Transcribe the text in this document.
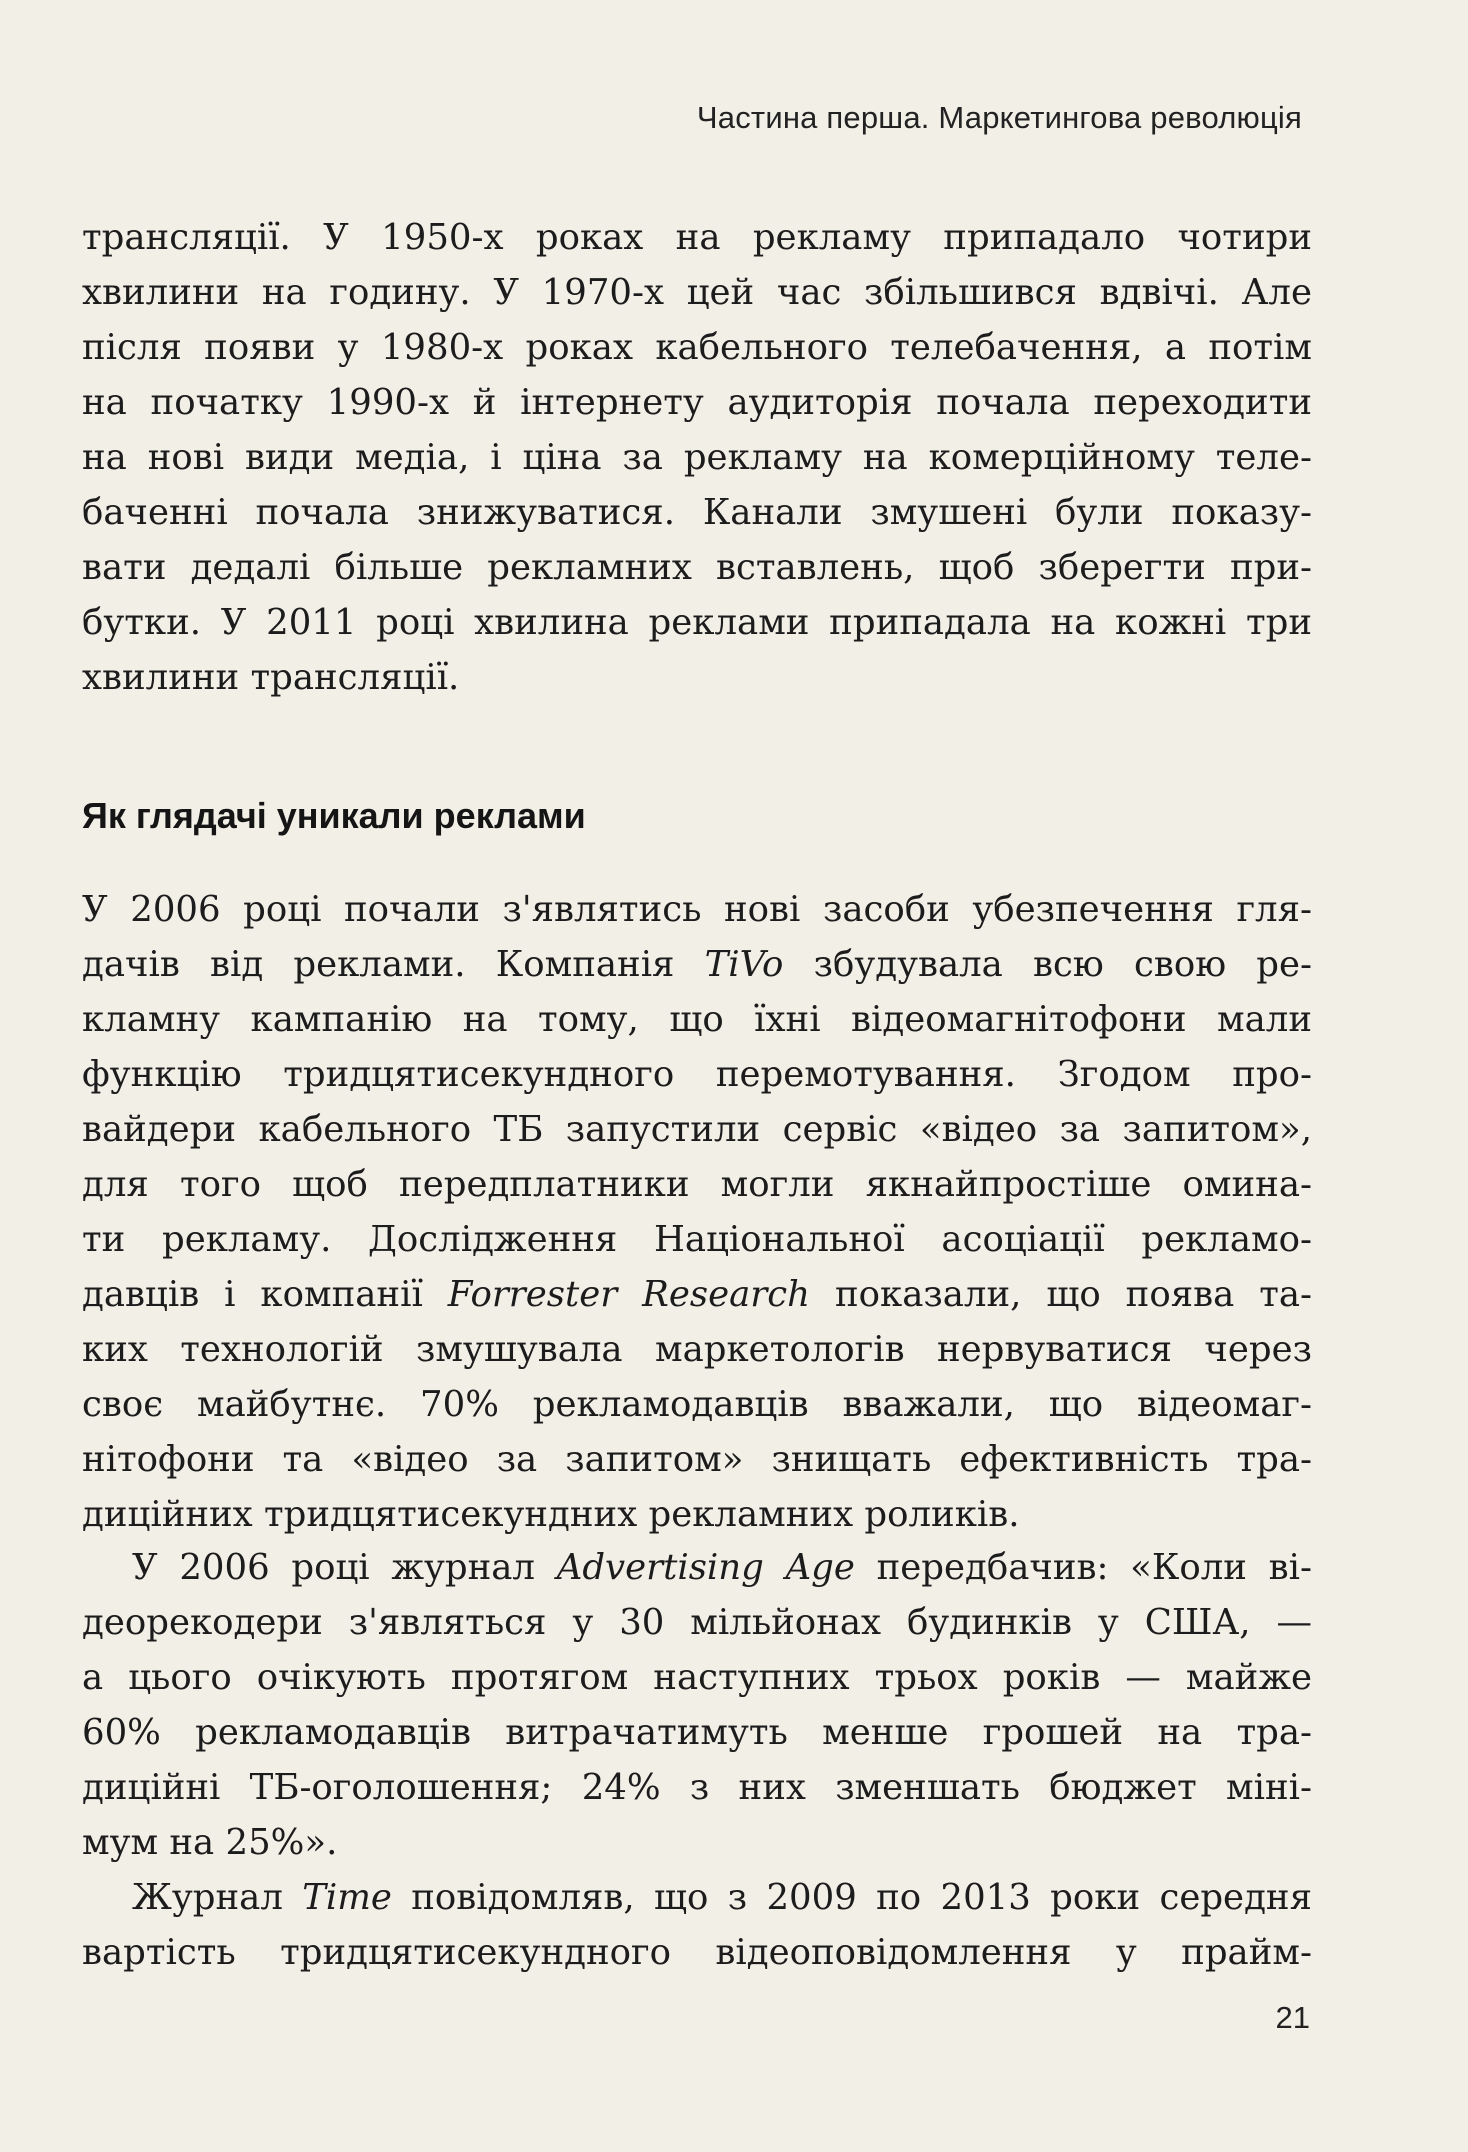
Частина перша. Маркетингова революція
трансляції. У 1950-х роках на рекламу припадало чотири
хвилини на годину. У 1970-х цей час збільшився вдвічі. Але
після появи у 1980-х роках кабельного телебачення, а потім
на початку 1990-х й інтернету аудиторія почала переходити
на нові види медіа, і ціна за рекламу на комерційному теле-
баченні почала знижуватися. Канали змушені були показу-
вати дедалі більше рекламних вставлень, щоб зберегти при-
бутки. У 2011 році хвилина реклами припадала на кожні три
хвилини трансляції.
Як глядачі уникали реклами
У 2006 році почали з'являтись нові засоби убезпечення гля-
дачів від реклами. Компанія TiVo збудувала всю свою ре-
кламну кампанію на тому, що їхні відеомагнітофони мали
функцію тридцятисекундного перемотування. Згодом про-
вайдери кабельного ТБ запустили сервіс «відео за запитом»,
для того щоб передплатники могли якнайпростіше омина-
ти рекламу. Дослідження Національної асоціації рекламо-
давців і компанії Forrester Research показали, що поява та-
ких технологій змушувала маркетологів нервуватися через
своє майбутнє. 70% рекламодавців вважали, що відеомаг-
нітофони та «відео за запитом» знищать ефективність тра-
диційних тридцятисекундних рекламних роликів.
У 2006 році журнал Advertising Age передбачив: «Коли ві-
деорекодери з'являться у 30 мільйонах будинків у США, —
а цього очікують протягом наступних трьох років — майже
60% рекламодавців витрачатимуть менше грошей на тра-
диційні ТБ-оголошення; 24% з них зменшать бюджет міні-
мум на 25%».
Журнал Time повідомляв, що з 2009 по 2013 роки середня
вартість тридцятисекундного відеоповідомлення у прайм-
21
